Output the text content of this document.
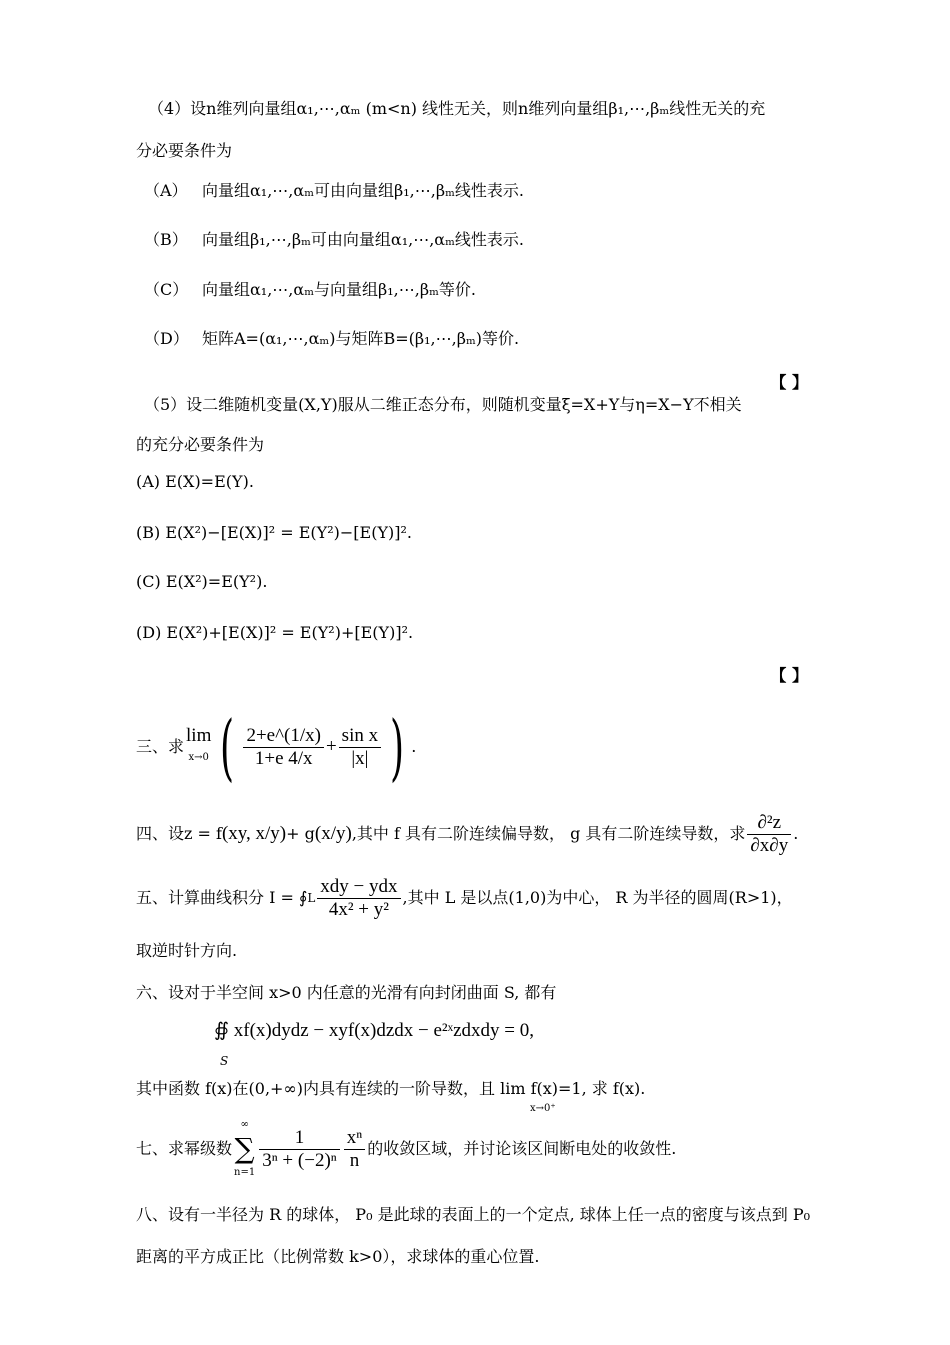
（4）设n维列向量组α₁,⋯,αₘ (m<n) 线性无关，则n维列向量组β₁,⋯,βₘ线性无关的充
分必要条件为
（A） 向量组α₁,⋯,αₘ可由向量组β₁,⋯,βₘ线性表示.
（B） 向量组β₁,⋯,βₘ可由向量组α₁,⋯,αₘ线性表示.
（C） 向量组α₁,⋯,αₘ与向量组β₁,⋯,βₘ等价.
（D） 矩阵A=(α₁,⋯,αₘ)与矩阵B=(β₁,⋯,βₘ)等价.
【 】
（5）设二维随机变量(X,Y)服从二维正态分布，则随机变量ξ=X+Y与η=X−Y不相关
的充分必要条件为
(A) E(X)=E(Y).
(B) E(X²)−[E(X)]² = E(Y²)−[E(Y)]².
(C) E(X²)=E(Y²).
(D) E(X²)+[E(X)]² = E(Y²)+[E(Y)]².
【 】
三、求
lim
x→0 ( $\frac{2+e\^{}(1/x)}{1+e 4/x} + \frac{\text{sin x}}{|x|}$ ) .
四、设z = f (xy, x/y) + g (x/y) ,其中 f 具有二阶连续偏导数， g 具有二阶连续导数，求 $\frac{\text{∂²z}}{\partial x\partial y}$ .
五、计算曲线积分 I = ∮ L $\frac{\text{xdy − ydx}}{\text{4x² + y²}}$ ,其中 L 是以点(1,0)为中心， R 为半径的圆周(R>1)，
取逆时针方向.
六、设对于半空间 x>0 内任意的光滑有向封闭曲面 S, 都有
∯ xf(x)dydz − xyf(x)dzdx − e²ˣzdxdy = 0,
S
其中函数 f(x)在(0,+∞)内具有连续的一阶导数，且 lim f(x)=1, 求 f(x).
x→0⁺
七、求幂级数
∞
∑
n=1
$\frac{1}{\text{3ⁿ + (−2)ⁿ}} \frac{\text{xⁿ}}{n}$ 的收敛区域，并讨论该区间断电处的收敛性.
八、设有一半径为 R 的球体， P₀ 是此球的表面上的一个定点, 球体上任一点的密度与该点到 P₀
距离的平方成正比（比例常数 k>0），求球体的重心位置.
